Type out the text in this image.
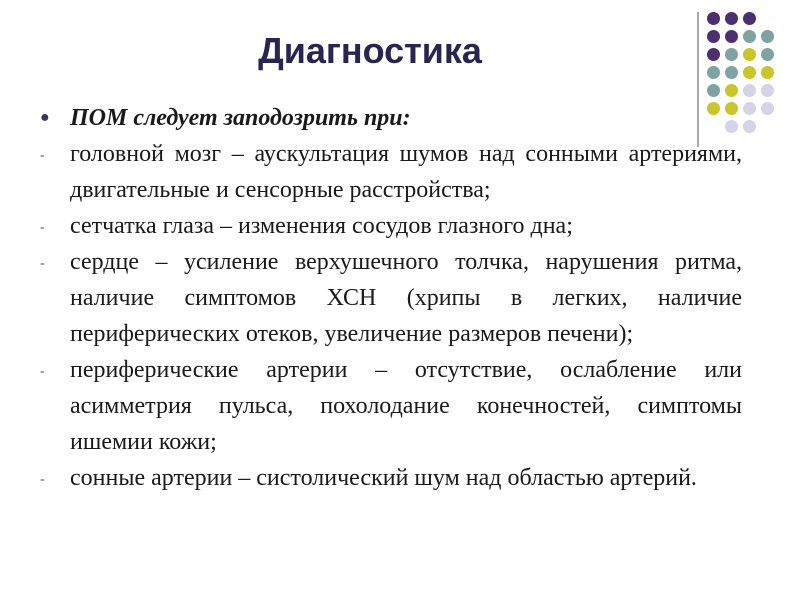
Диагностика
● ПОМ следует заподозрить при:
-	головной мозг – аускультация шумов над сонными артериями, двигательные и сенсорные расстройства;
-	сетчатка глаза – изменения сосудов глазного дна;
-	сердце – усиление верхушечного толчка, нарушения ритма, наличие симптомов ХСН (хрипы в легких, наличие периферических отеков, увеличение размеров печени);
-	периферические артерии – отсутствие, ослабление или асимметрия пульса, похолодание конечностей, симптомы ишемии кожи;
-	сонные артерии – систолический шум над областью артерий.
